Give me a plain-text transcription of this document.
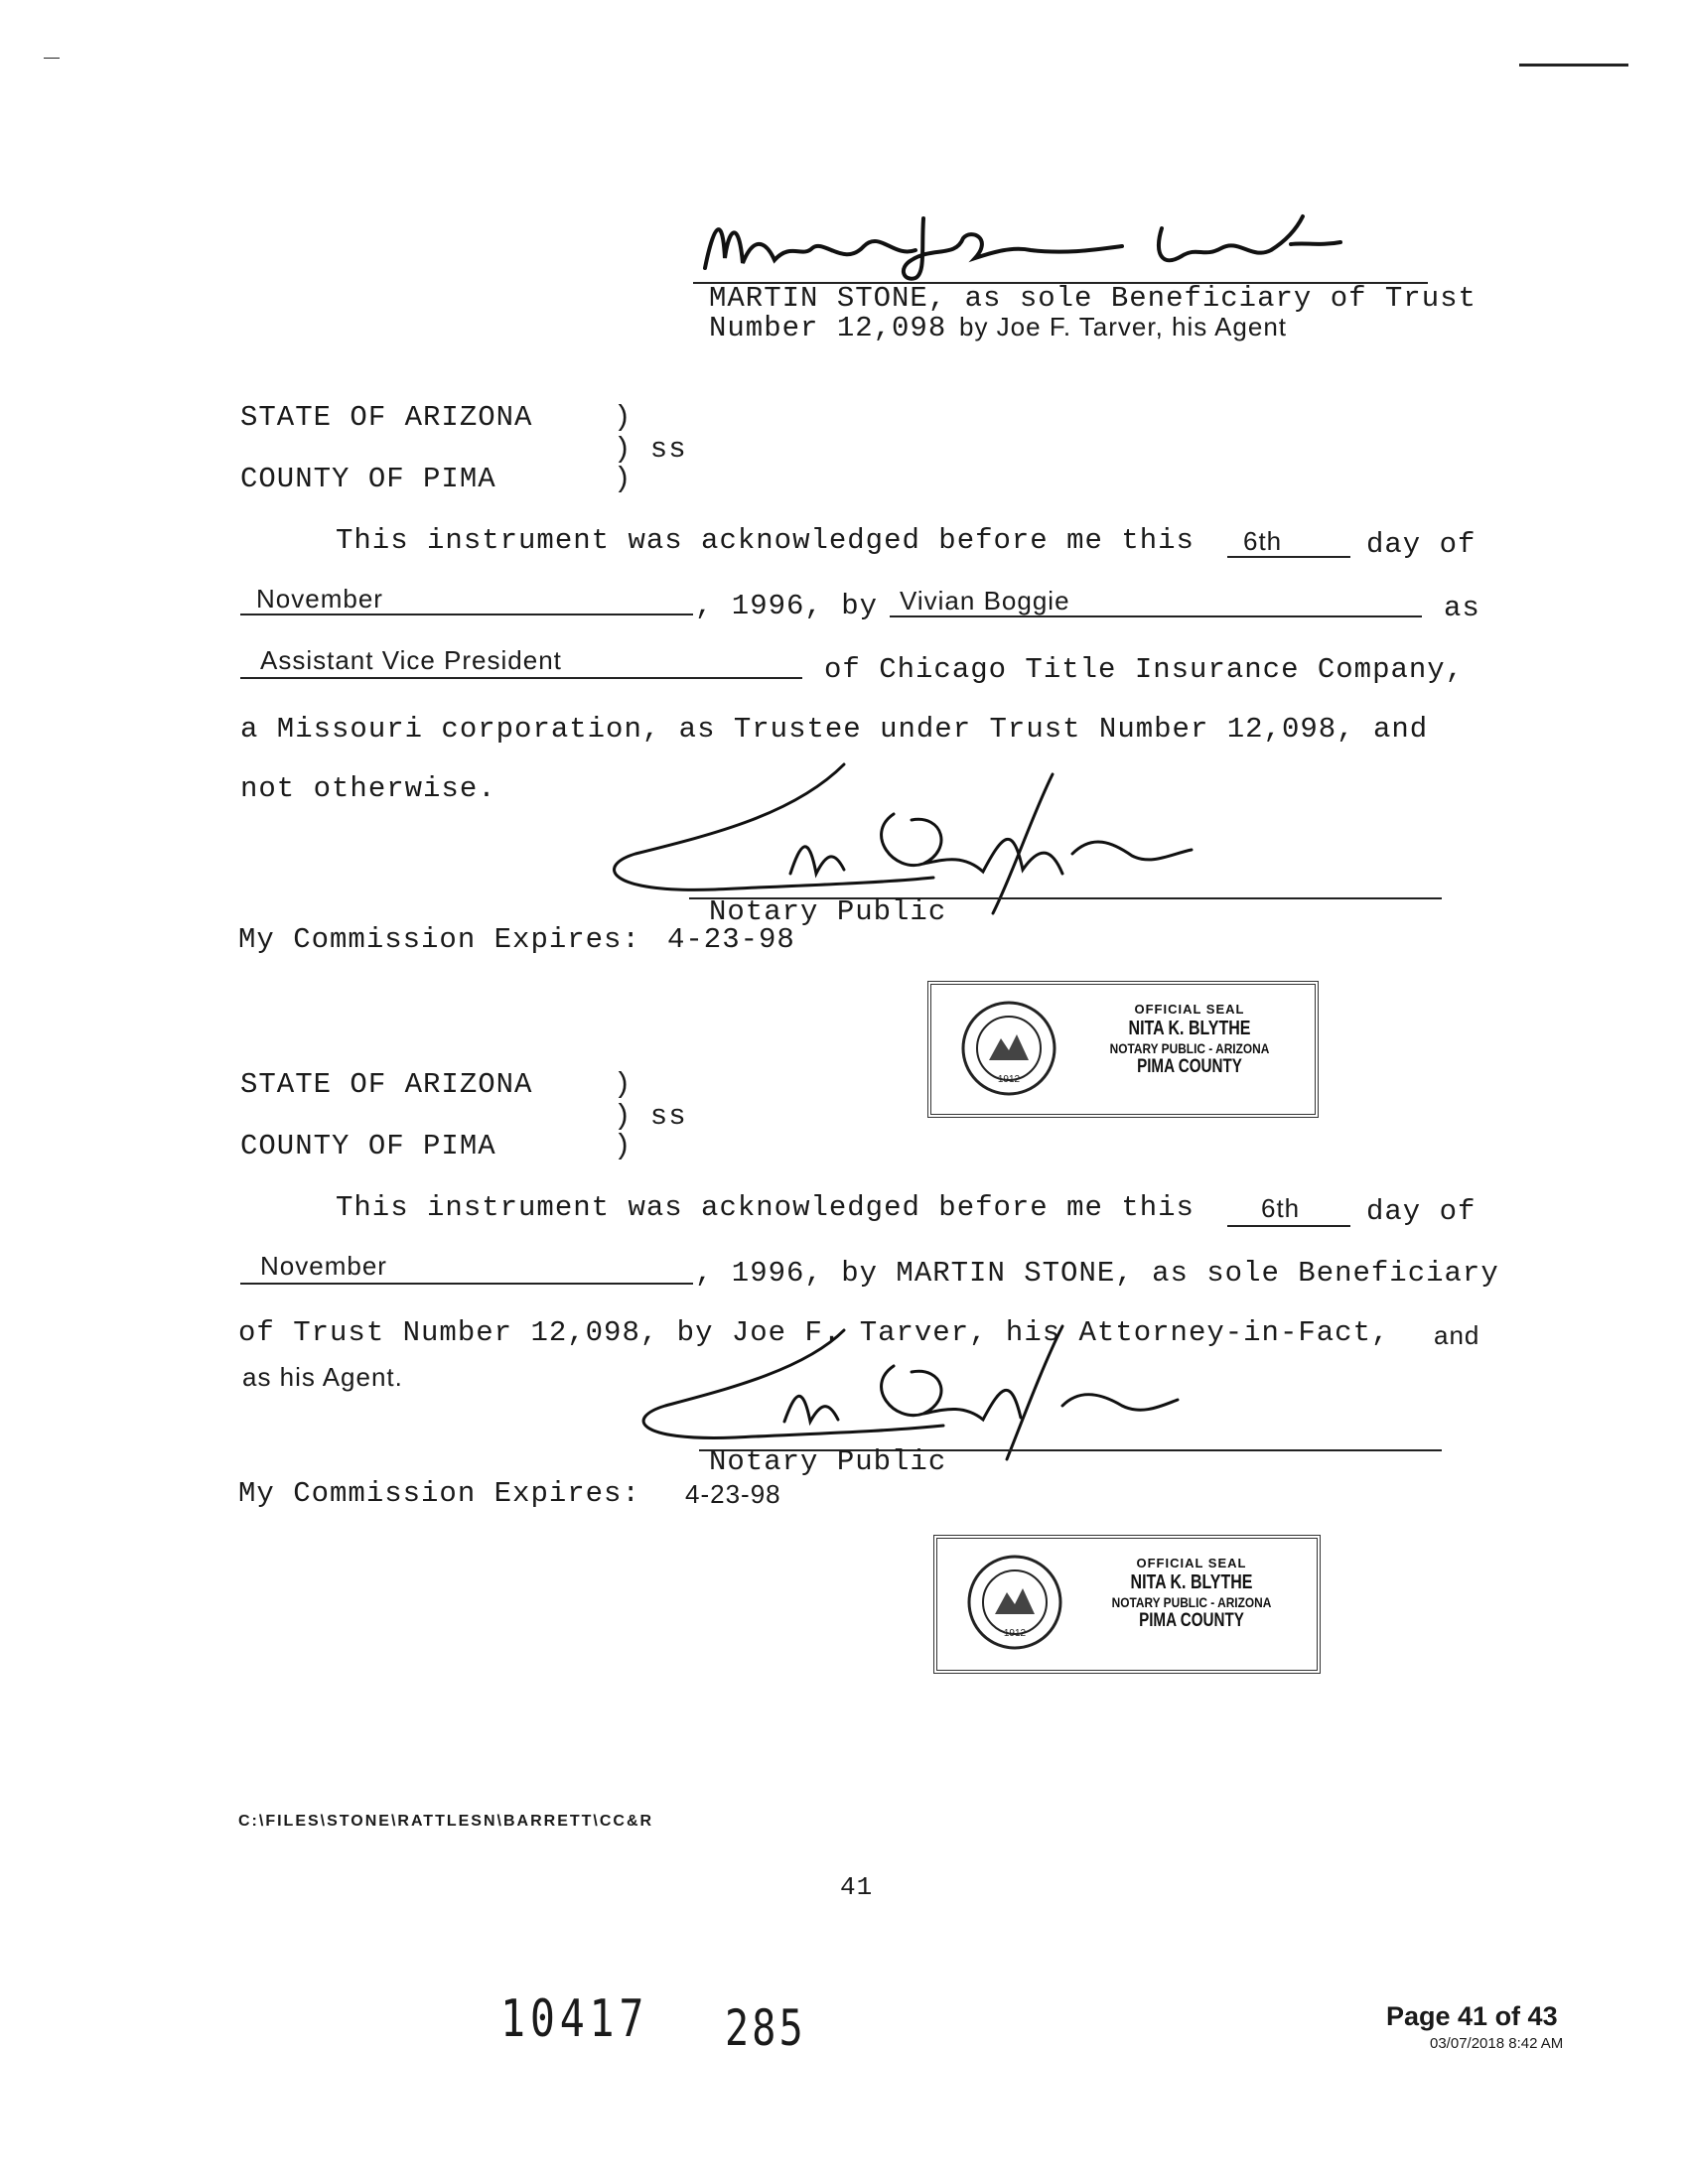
MARTIN STONE, as sole Beneficiary of Trust
Number 12,098 by Joe F. Tarver, his Agent
STATE OF ARIZONA	)
) ss
COUNTY OF PIMA	)
This instrument was acknowledged before me this 6th	day of
November	, 1996, by Vivian Boggie	as
Assistant Vice President	of Chicago Title Insurance Company,
a Missouri corporation, as Trustee under Trust Number 12,098, and
not otherwise.
Notary Public
My Commission Expires: 4-23-98
1912
OFFICIAL SEAL
NITA K. BLYTHE
NOTARY PUBLIC - ARIZONA
PIMA COUNTY
STATE OF ARIZONA	)
) ss
COUNTY OF PIMA	)
This instrument was acknowledged before me this	6th day of
November	, 1996, by MARTIN STONE, as sole Beneficiary
of Trust Number 12,098, by Joe F. Tarver, his Attorney-in-Fact, and
as his Agent.
Notary Public
My Commission Expires: 4-23-98
1912
OFFICIAL SEAL
NITA K. BLYTHE
NOTARY PUBLIC - ARIZONA
PIMA COUNTY
C:\FILES\STONE\RATTLESN\BARRETT\CC&R
41
10417 285	Page 41 of 43
03/07/2018 8:42 AM
